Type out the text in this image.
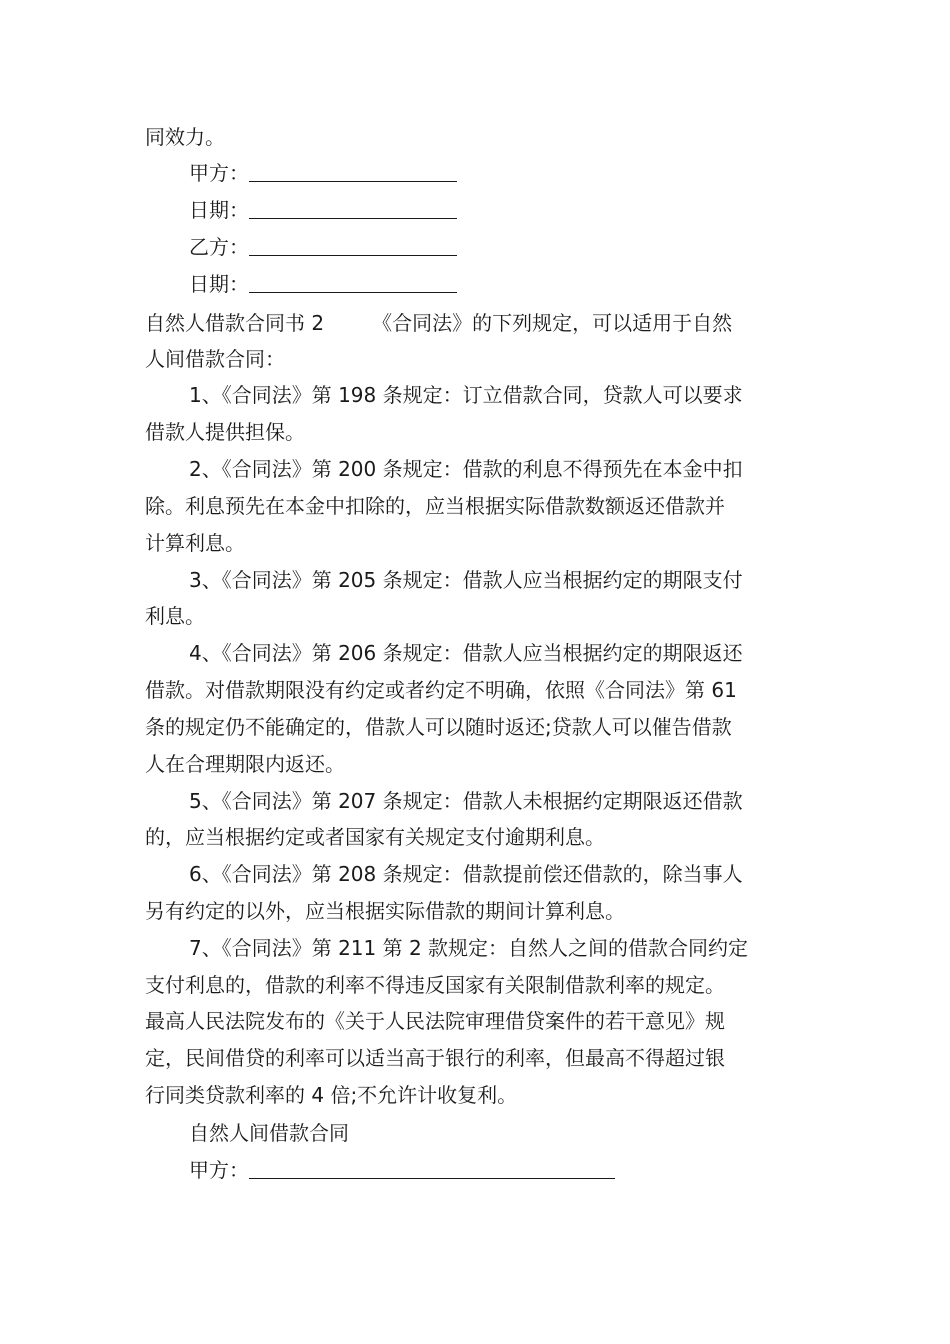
同效力。
甲方：
日期：
乙方：
日期：
自然人借款合同书 2 《合同法》的下列规定，可以适用于自然
人间借款合同：
1、《合同法》第 198 条规定：订立借款合同，贷款人可以要求
借款人提供担保。
2、《合同法》第 200 条规定：借款的利息不得预先在本金中扣
除。利息预先在本金中扣除的，应当根据实际借款数额返还借款并
计算利息。
3、《合同法》第 205 条规定：借款人应当根据约定的期限支付
利息。
4、《合同法》第 206 条规定：借款人应当根据约定的期限返还
借款。对借款期限没有约定或者约定不明确，依照《合同法》第 61
条的规定仍不能确定的，借款人可以随时返还;贷款人可以催告借款
人在合理期限内返还。
5、《合同法》第 207 条规定：借款人未根据约定期限返还借款
的，应当根据约定或者国家有关规定支付逾期利息。
6、《合同法》第 208 条规定：借款提前偿还借款的，除当事人
另有约定的以外，应当根据实际借款的期间计算利息。
7、《合同法》第 211 第 2 款规定：自然人之间的借款合同约定
支付利息的，借款的利率不得违反国家有关限制借款利率的规定。
最高人民法院发布的《关于人民法院审理借贷案件的若干意见》规
定，民间借贷的利率可以适当高于银行的利率，但最高不得超过银
行同类贷款利率的 4 倍;不允许计收复利。
自然人间借款合同
甲方：
